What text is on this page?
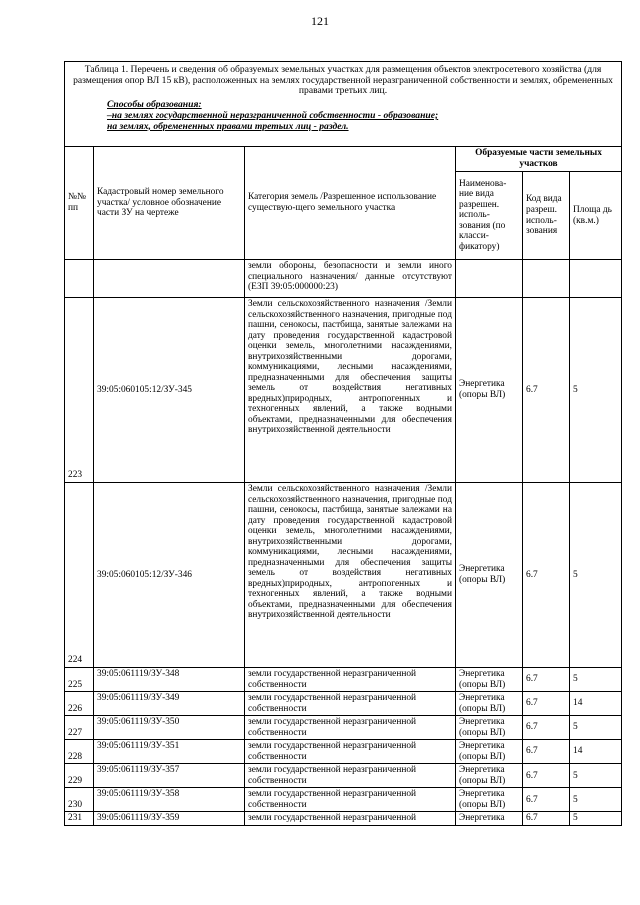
121
Таблица 1. Перечень и сведения об образуемых земельных участках для размещения объектов электросетевого хозяйства (для размещения опор ВЛ 15 кВ), расположенных на землях государственной неразграниченной собственности и землях, обремененных правами третьих лиц.
Способы образования:
–на землях государственной неразграниченной собственности - образование;
на землях, обремененных правами третьих лиц - раздел.					

№№ пп	Кадастровый номер земельного участка/ условное обозначение части ЗУ на чертеже	Категория земель /Разрешенное использование существую-щего земельного участка	Образуемые части земельных участков		
			Наименова-ние вида разрешен. исполь-зования (по класси-фикатору)	Код вида разреш. исполь-зования	Площа дь (кв.м.)
		земли обороны, безопасности и земли иного специального назначения/ данные отсутствуют (ЕЗП 39:05:000000:23)			
223	39:05:060105:12/ЗУ-345	Земли сельскохозяйственного назначения /Земли сельскохозяйственного назначения, пригодные под пашни, сенокосы, пастбища, занятые залежами на дату проведения государственной кадастровой оценки земель, многолетними насаждениями, внутрихозяйственными дорогами, коммуникациями, лесными насаждениями, предназначенными для обеспечения защиты земель от воздействия негативных вредных)природных, антропогенных и техногенных явлений, а также водными объектами, предназначенными для обеспечения внутрихозяйственной деятельности	Энергетика (опоры ВЛ)	6.7	5
224	39:05:060105:12/ЗУ-346	Земли сельскохозяйственного назначения /Земли сельскохозяйственного назначения, пригодные под пашни, сенокосы, пастбища, занятые залежами на дату проведения государственной кадастровой оценки земель, многолетними насаждениями, внутрихозяйственными дорогами, коммуникациями, лесными насаждениями, предназначенными для обеспечения защиты земель от воздействия негативных вредных)природных, антропогенных и техногенных явлений, а также водными объектами, предназначенными для обеспечения внутрихозяйственной деятельности	Энергетика (опоры ВЛ)	6.7	5
225	39:05:061119/ЗУ-348	земли государственной неразграниченной собственности	Энергетика (опоры ВЛ)	6.7	5
226	39:05:061119/ЗУ-349	земли государственной неразграниченной собственности	Энергетика (опоры ВЛ)	6.7	14
227	39:05:061119/ЗУ-350	земли государственной неразграниченной собственности	Энергетика (опоры ВЛ)	6.7	5
228	39:05:061119/ЗУ-351	земли государственной неразграниченной собственности	Энергетика (опоры ВЛ)	6.7	14
229	39:05:061119/ЗУ-357	земли государственной неразграниченной собственности	Энергетика (опоры ВЛ)	6.7	5
230	39:05:061119/ЗУ-358	земли государственной неразграниченной собственности	Энергетика (опоры ВЛ)	6.7	5
231	39:05:061119/ЗУ-359	земли государственной неразграниченной	Энергетика	6.7	5
